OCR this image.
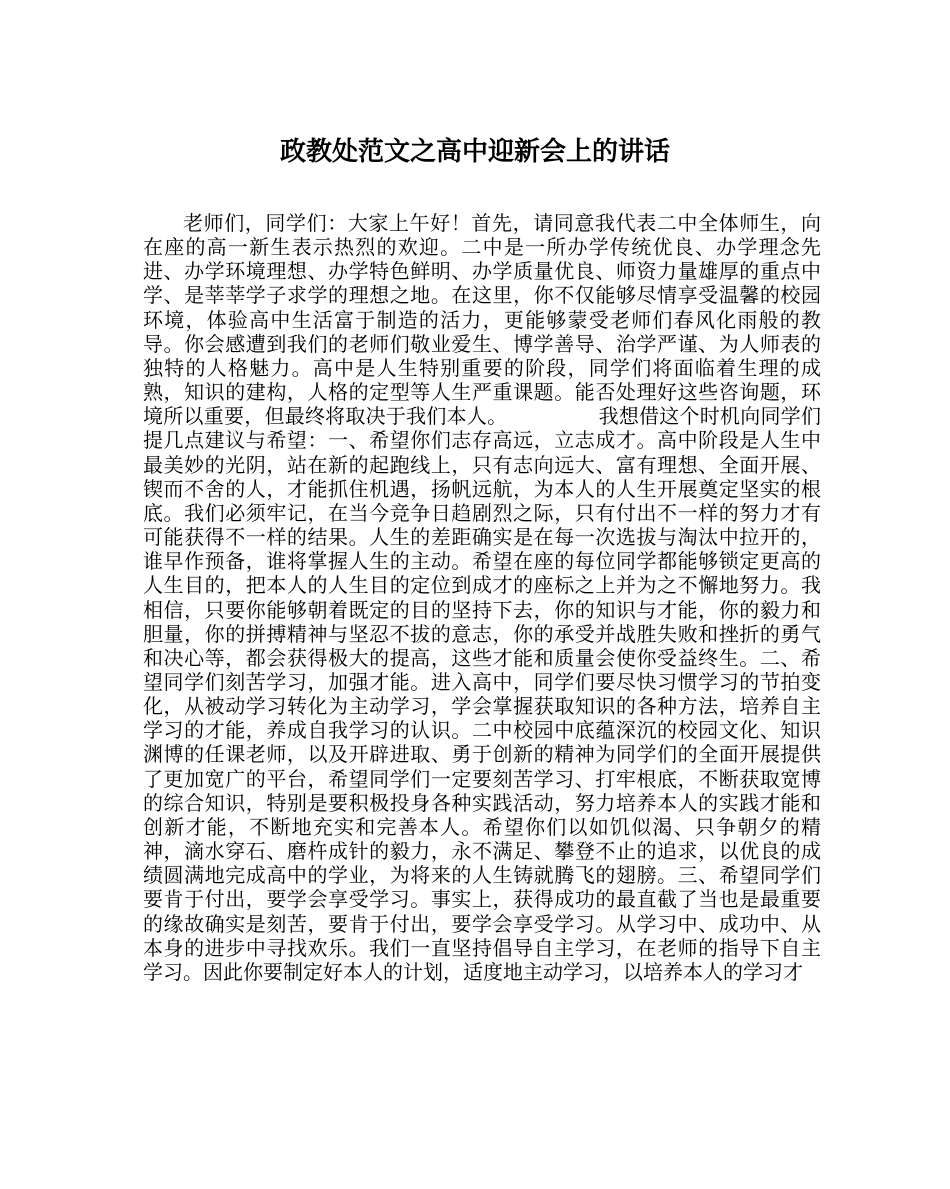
政教处范文之高中迎新会上的讲话

老师们，同学们：大家上午好！首先，请同意我代表二中全体师生，向在座的高一新生表示热烈的欢迎。二中是一所办学传统优良、办学理念先进、办学环境理想、办学特色鲜明、办学质量优良、师资力量雄厚的重点中学、是莘莘学子求学的理想之地。在这里，你不仅能够尽情享受温馨的校园环境，体验高中生活富于制造的活力，更能够蒙受老师们春风化雨般的教导。你会感遭到我们的老师们敬业爱生、博学善导、治学严谨、为人师表的独特的人格魅力。高中是人生特别重要的阶段，同学们将面临着生理的成熟，知识的建构，人格的定型等人生严重课题。能否处理好这些咨询题，环境所以重要，但最终将取决于我们本人。　　　　　我想借这个时机向同学们提几点建议与希望：一、希望你们志存高远，立志成才。高中阶段是人生中最美妙的光阴，站在新的起跑线上，只有志向远大、富有理想、全面开展、锲而不舍的人，才能抓住机遇，扬帆远航，为本人的人生开展奠定坚实的根底。我们必须牢记，在当今竞争日趋剧烈之际，只有付出不一样的努力才有可能获得不一样的结果。人生的差距确实是在每一次选拔与淘汰中拉开的，谁早作预备，谁将掌握人生的主动。希望在座的每位同学都能够锁定更高的人生目的，把本人的人生目的定位到成才的座标之上并为之不懈地努力。我相信，只要你能够朝着既定的目的坚持下去，你的知识与才能，你的毅力和胆量，你的拼搏精神与坚忍不拔的意志，你的承受并战胜失败和挫折的勇气和决心等，都会获得极大的提高，这些才能和质量会使你受益终生。二、希望同学们刻苦学习，加强才能。进入高中，同学们要尽快习惯学习的节拍变化，从被动学习转化为主动学习，学会掌握获取知识的各种方法，培养自主学习的才能，养成自我学习的认识。二中校园中底蕴深沉的校园文化、知识渊博的任课老师，以及开辟进取、勇于创新的精神为同学们的全面开展提供了更加宽广的平台，希望同学们一定要刻苦学习、打牢根底，不断获取宽博的综合知识，特别是要积极投身各种实践活动，努力培养本人的实践才能和创新才能，不断地充实和完善本人。希望你们以如饥似渴、只争朝夕的精神，滴水穿石、磨杵成针的毅力，永不满足、攀登不止的追求，以优良的成绩圆满地完成高中的学业，为将来的人生铸就腾飞的翅膀。三、希望同学们要肯于付出，要学会享受学习。事实上，获得成功的最直截了当也是最重要的缘故确实是刻苦，要肯于付出，要学会享受学习。从学习中、成功中、从本身的进步中寻找欢乐。我们一直坚持倡导自主学习，在老师的指导下自主学习。因此你要制定好本人的计划，适度地主动学习，以培养本人的学习才
